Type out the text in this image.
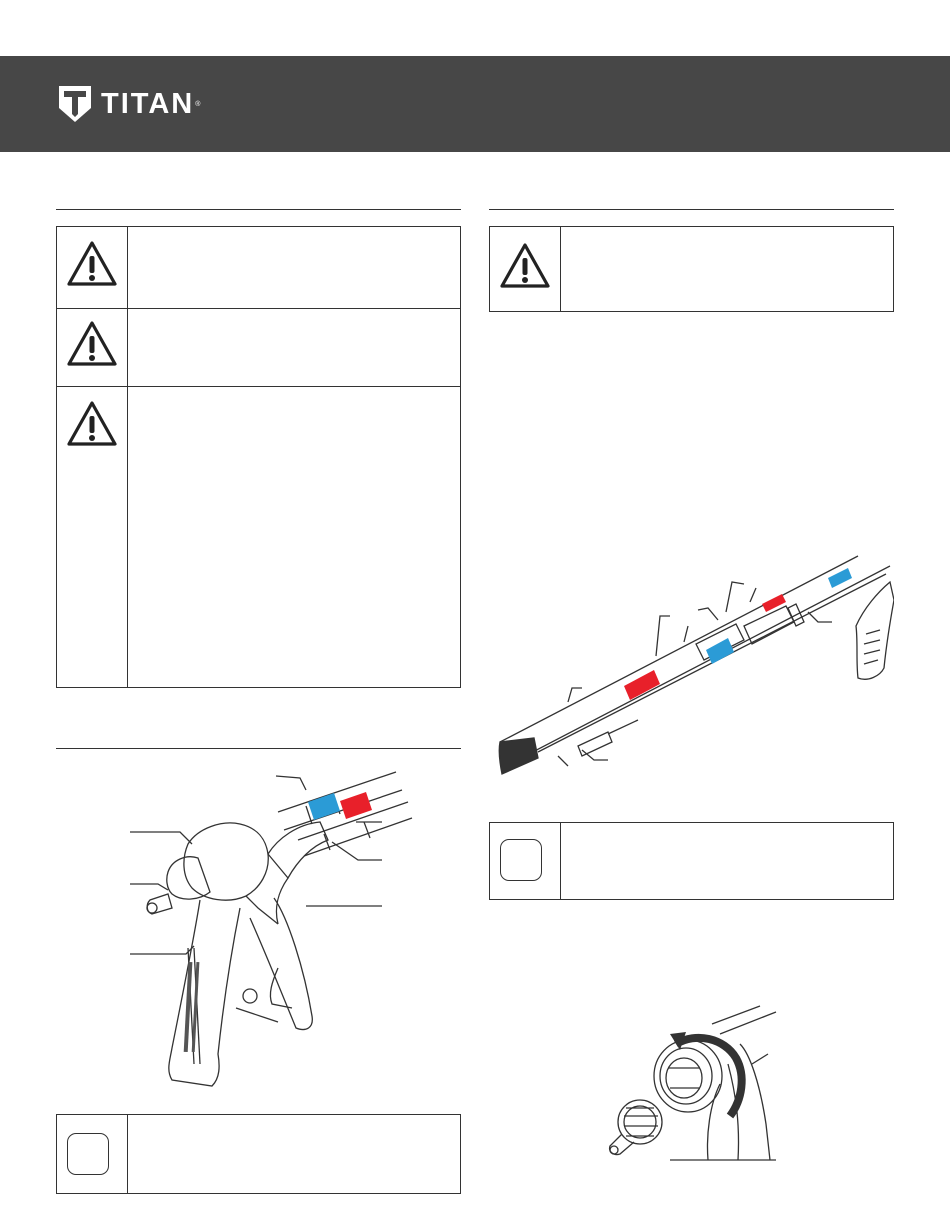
TITAN ®
